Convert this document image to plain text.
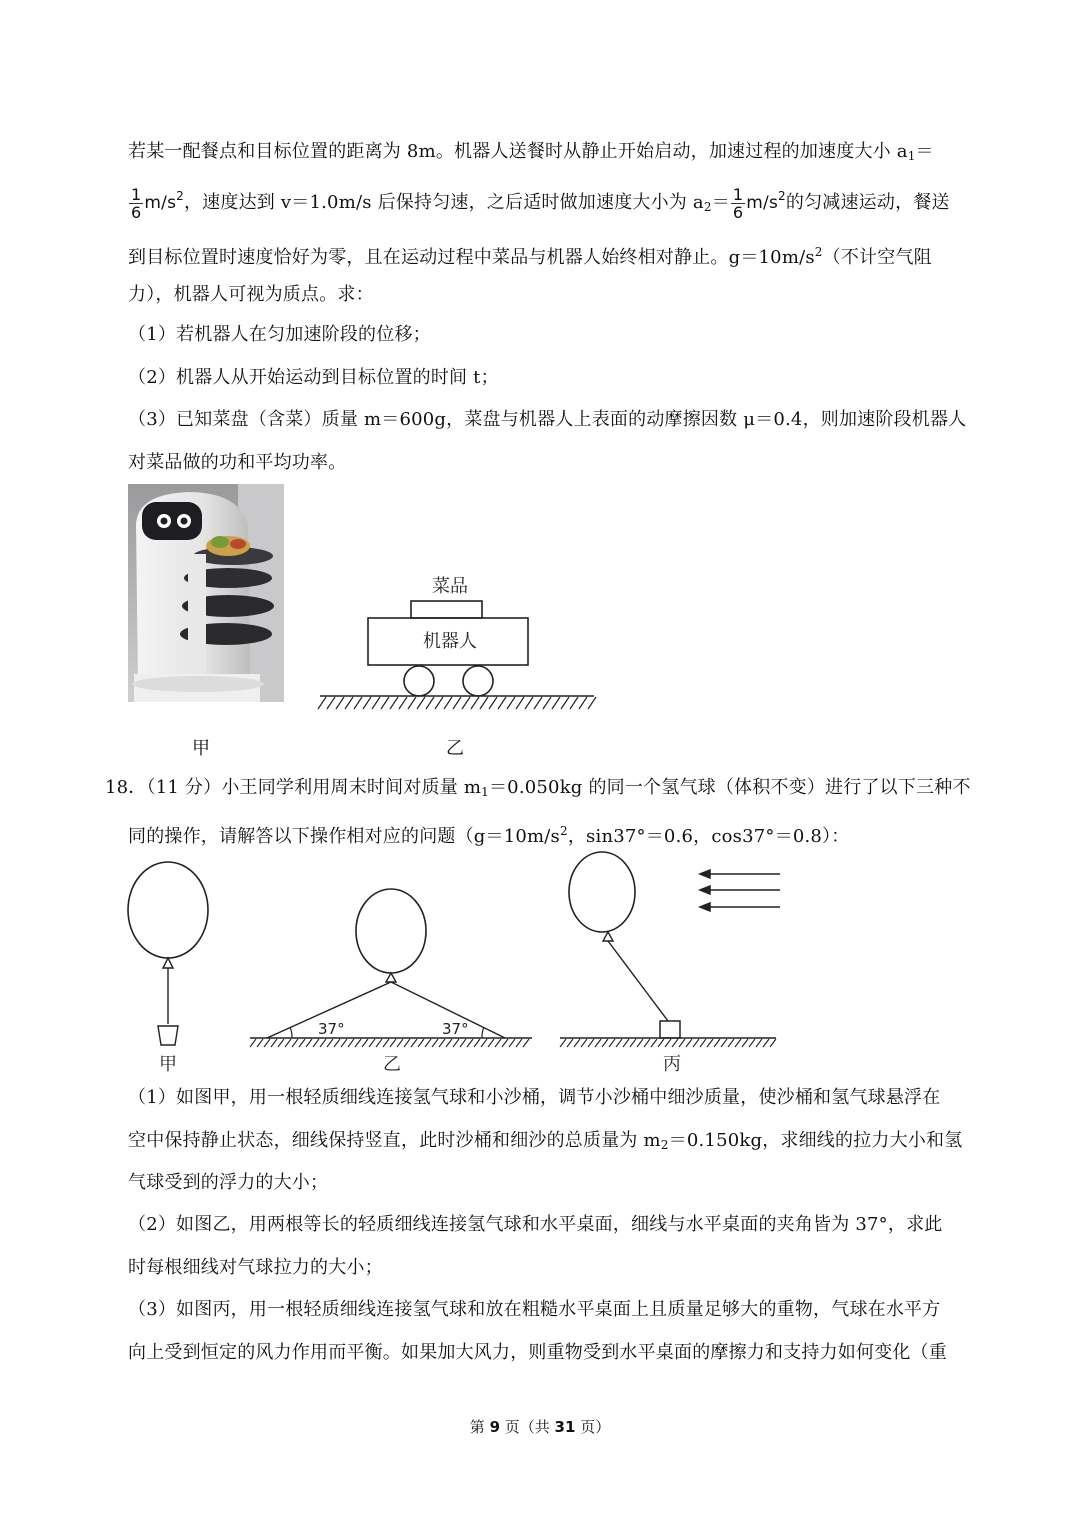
若某一配餐点和目标位置的距离为 8m。机器人送餐时从静止开始启动，加速过程的加速度大小 $a_1=$
$\frac{1}{6} m/s^2$，速度达到 v＝1.0m/s 后保持匀速，之后适时做加速度大小为 $a_2= \frac{1}{6} m/s^2$的匀减速运动，餐送
到目标位置时速度恰好为零，且在运动过程中菜品与机器人始终相对静止。$g=10m/s^2$（不计空气阻
力），机器人可视为质点。求：
（1）若机器人在匀加速阶段的位移；
（2）机器人从开始运动到目标位置的时间 t；
（3）已知菜盘（含菜）质量 m＝600g，菜盘与机器人上表面的动摩擦因数 μ＝0.4，则加速阶段机器人
对菜品做的功和平均功率。
甲
菜品
机器人
乙
18．（11 分）小王同学利用周末时间对质量 $m_1=0.050kg$ 的同一个氢气球（体积不变）进行了以下三种不
同的操作，请解答以下操作相对应的问题（$g=10m/s^2$，sin37°＝0.6，cos37°＝0.8）：
甲
37°	37°
乙	丙
（1）如图甲，用一根轻质细线连接氢气球和小沙桶，调节小沙桶中细沙质量，使沙桶和氢气球悬浮在
空中保持静止状态，细线保持竖直，此时沙桶和细沙的总质量为 $m_2=0.150kg$，求细线的拉力大小和氢
气球受到的浮力的大小；
（2）如图乙，用两根等长的轻质细线连接氢气球和水平桌面，细线与水平桌面的夹角皆为 37°，求此
时每根细线对气球拉力的大小；
（3）如图丙，用一根轻质细线连接氢气球和放在粗糙水平桌面上且质量足够大的重物，气球在水平方
向上受到恒定的风力作用而平衡。如果加大风力，则重物受到水平桌面的摩擦力和支持力如何变化（重
第 9 页（共 31 页）
